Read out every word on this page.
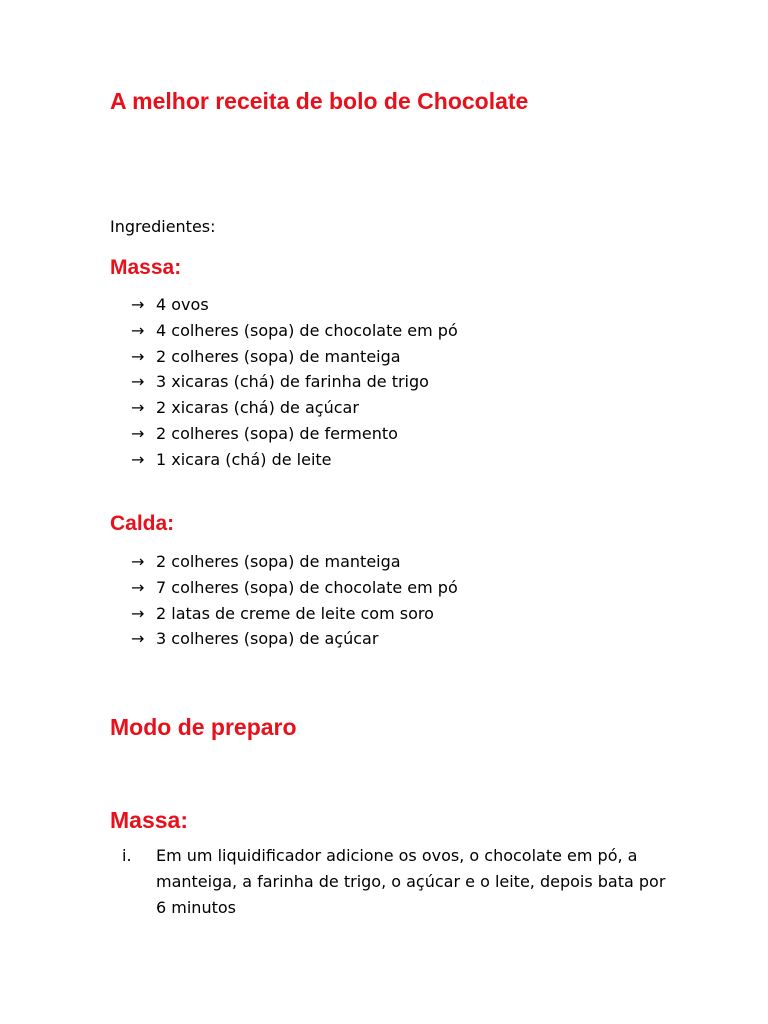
A melhor receita de bolo de Chocolate

Ingredientes:

Massa:
→ 4 ovos
→ 4 colheres (sopa) de chocolate em pó
→ 2 colheres (sopa) de manteiga
→ 3 xicaras (chá) de farinha de trigo
→ 2 xicaras (chá) de açúcar
→ 2 colheres (sopa) de fermento
→ 1 xicara (chá) de leite
Calda:
→ 2 colheres (sopa) de manteiga
→ 7 colheres (sopa) de chocolate em pó
→ 2 latas de creme de leite com soro
→ 3 colheres (sopa) de açúcar
Modo de preparo
Massa:
i. Em um liquidificador adicione os ovos, o chocolate em pó, a manteiga, a farinha de trigo, o açúcar e o leite, depois bata por 6 minutos
